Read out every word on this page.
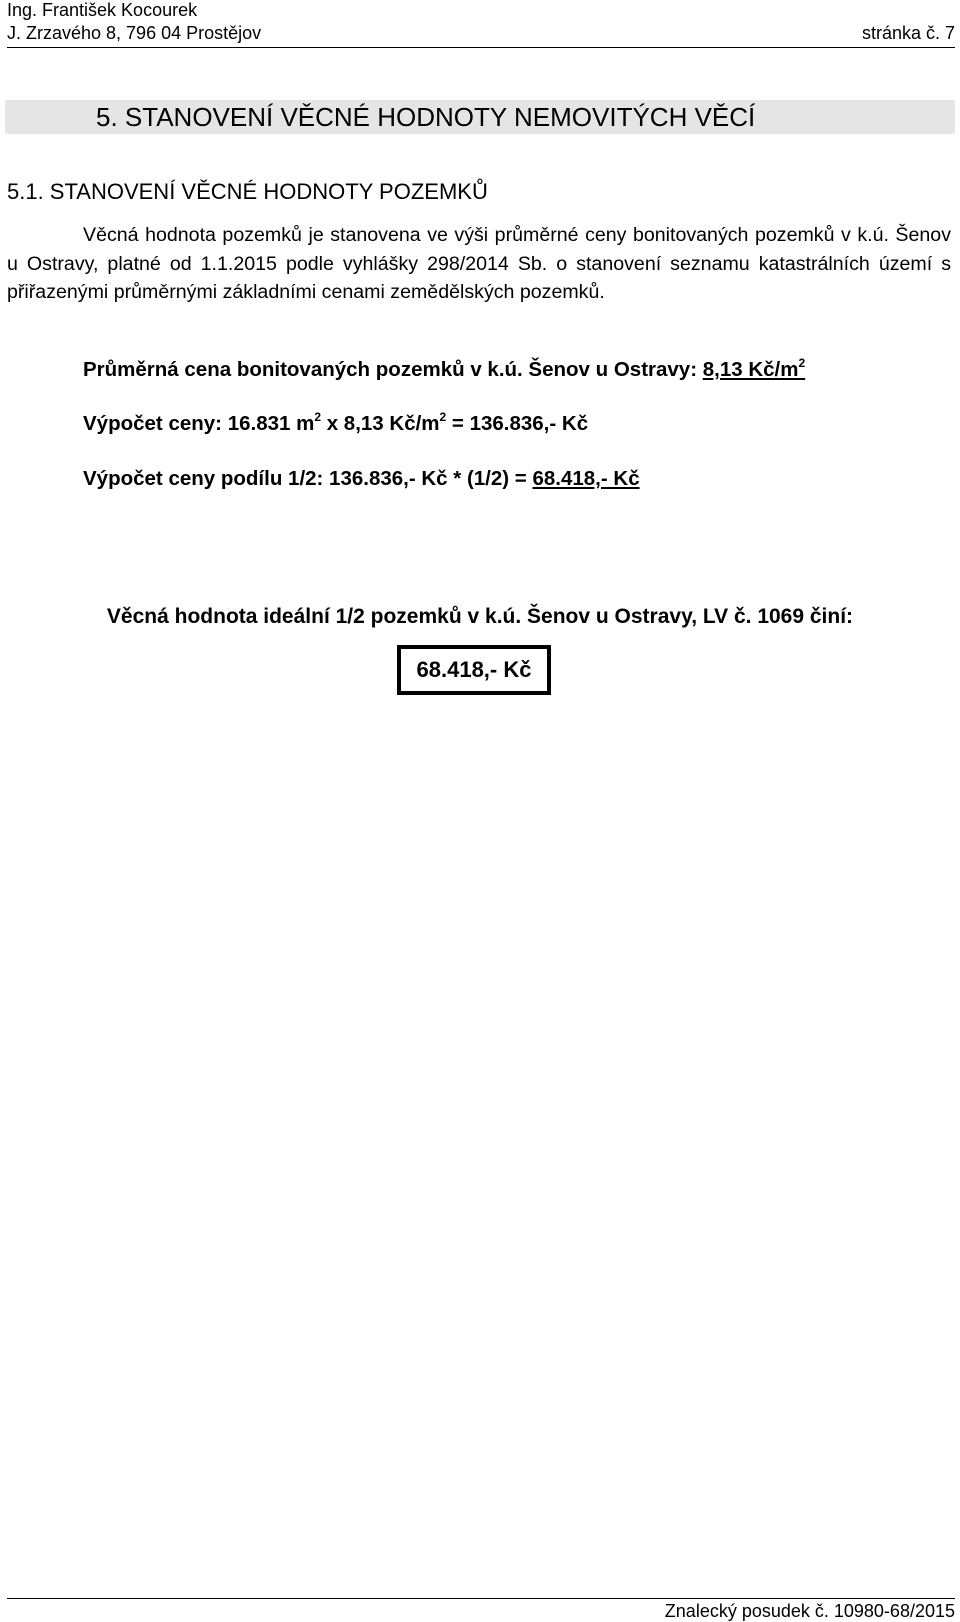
Ing. František Kocourek
J. Zrzavého 8, 796 04 Prostějov	stránka č. 7
5. STANOVENÍ VĚCNÉ HODNOTY NEMOVITÝCH VĚCÍ
5.1. STANOVENÍ VĚCNÉ HODNOTY POZEMKŮ
Věcná hodnota pozemků je stanovena ve výši průměrné ceny bonitovaných pozemků v k.ú. Šenov u Ostravy, platné od 1.1.2015 podle vyhlášky 298/2014 Sb. o stanovení seznamu katastrálních území s přiřazenými průměrnými základními cenami zemědělských pozemků.
Průměrná cena bonitovaných pozemků v k.ú. Šenov u Ostravy: 8,13 $Kč/m^2$
Výpočet ceny: 16.831 $m^2$ x 8,13 $Kč/m^2 = 136.836,-$ Kč
Výpočet ceny podílu 1/2: 136.836,- Kč * (1/2) = 68.418,- Kč
Věcná hodnota ideální 1/2 pozemků v k.ú. Šenov u Ostravy, LV č. 1069 činí:
68.418,- Kč
Znalecký posudek č. 10980-68/2015
